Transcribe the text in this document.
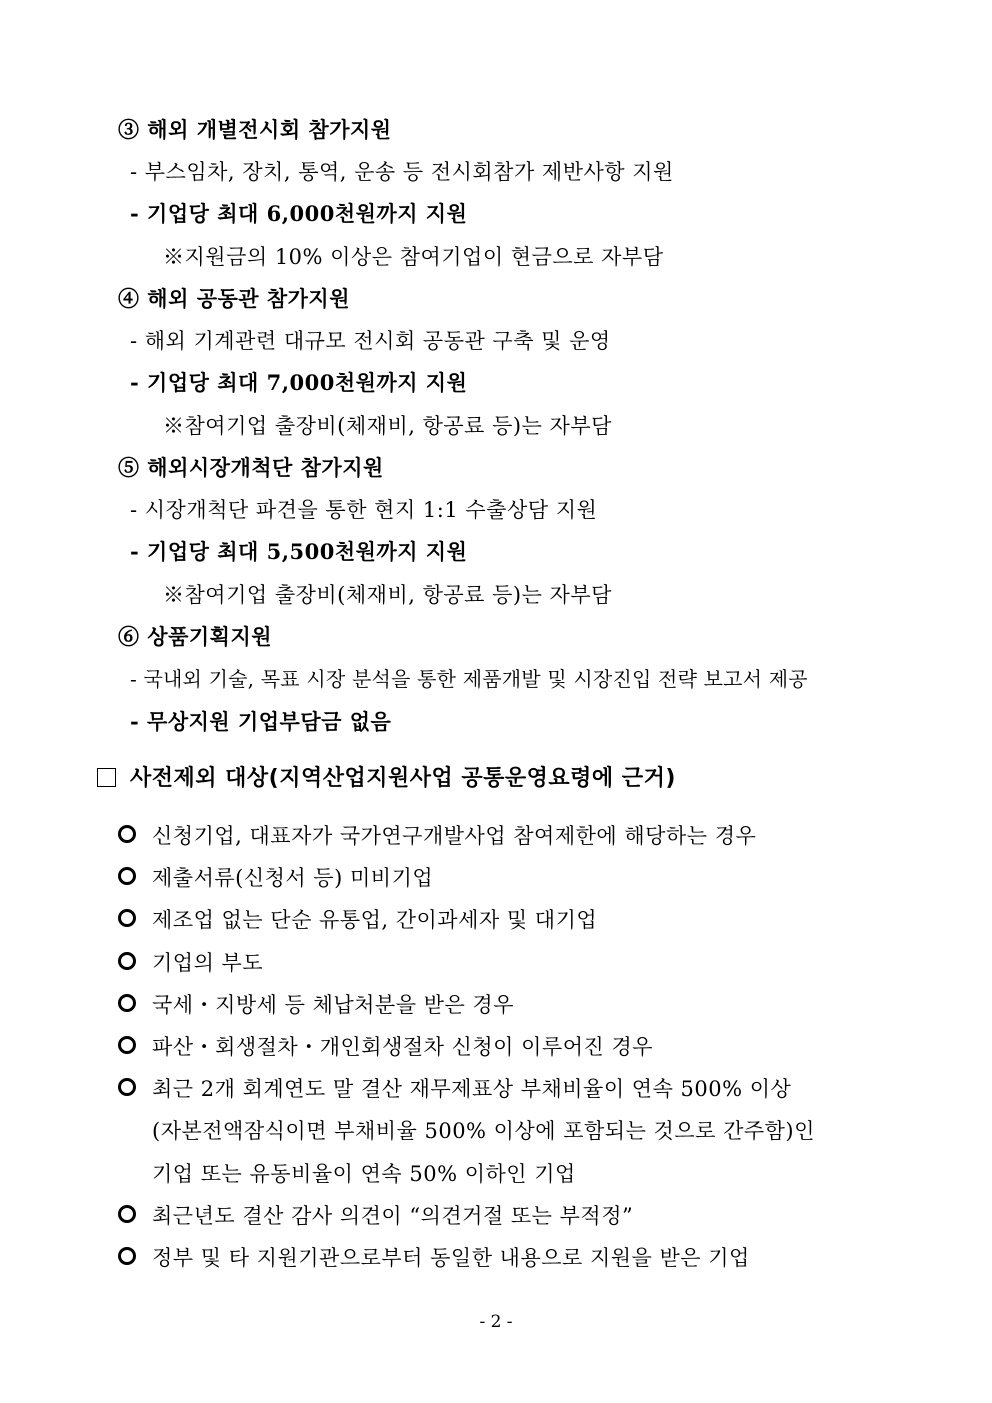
③ 해외 개별전시회 참가지원
- 부스임차, 장치, 통역, 운송 등 전시회참가 제반사항 지원
- 기업당 최대 6,000천원까지 지원
※지원금의 10% 이상은 참여기업이 현금으로 자부담
④ 해외 공동관 참가지원
- 해외 기계관련 대규모 전시회 공동관 구축 및 운영
- 기업당 최대 7,000천원까지 지원
※참여기업 출장비(체재비, 항공료 등)는 자부담
⑤ 해외시장개척단 참가지원
- 시장개척단 파견을 통한 현지 1:1 수출상담 지원
- 기업당 최대 5,500천원까지 지원
※참여기업 출장비(체재비, 항공료 등)는 자부담
⑥ 상품기획지원
- 국내외 기술, 목표 시장 분석을 통한 제품개발 및 시장진입 전략 보고서 제공
- 무상지원 기업부담금 없음
사전제외 대상(지역산업지원사업 공통운영요령에 근거)
신청기업, 대표자가 국가연구개발사업 참여제한에 해당하는 경우
제출서류(신청서 등) 미비기업
제조업 없는 단순 유통업, 간이과세자 및 대기업
기업의 부도
국세・지방세 등 체납처분을 받은 경우
파산・회생절차・개인회생절차 신청이 이루어진 경우
최근 2개 회계연도 말 결산 재무제표상 부채비율이 연속 500% 이상
(자본전액잠식이면 부채비율 500% 이상에 포함되는 것으로 간주함)인
기업 또는 유동비율이 연속 50% 이하인 기업
최근년도 결산 감사 의견이 “의견거절 또는 부적정”
정부 및 타 지원기관으로부터 동일한 내용으로 지원을 받은 기업
- 2 -
